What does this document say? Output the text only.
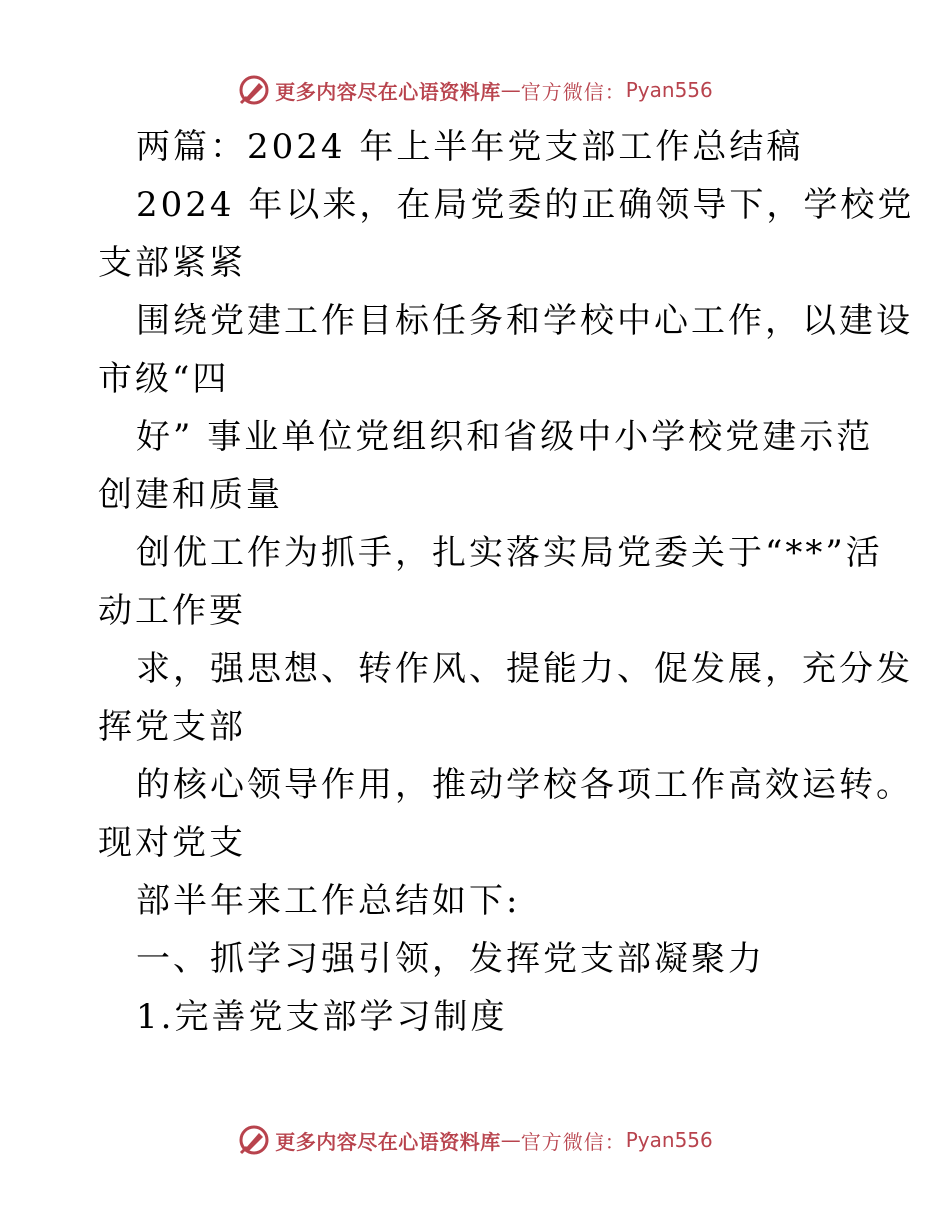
更多内容尽在心语资料库 — 官方微信： Pyan556
两篇：2024 年上半年党支部工作总结稿
2024 年以来，在局党委的正确领导下，学校党
支部紧紧
围绕党建工作目标任务和学校中心工作，以建设
市级“四
好” 事业单位党组织和省级中小学校党建示范
创建和质量
创优工作为抓手，扎实落实局党委关于“**”活
动工作要
求，强思想、转作风、提能力、促发展，充分发
挥党支部
的核心领导作用，推动学校各项工作高效运转。
现对党支
部半年来工作总结如下:
一、抓学习强引领，发挥党支部凝聚力
1.完善党支部学习制度
更多内容尽在心语资料库 — 官方微信： Pyan556
